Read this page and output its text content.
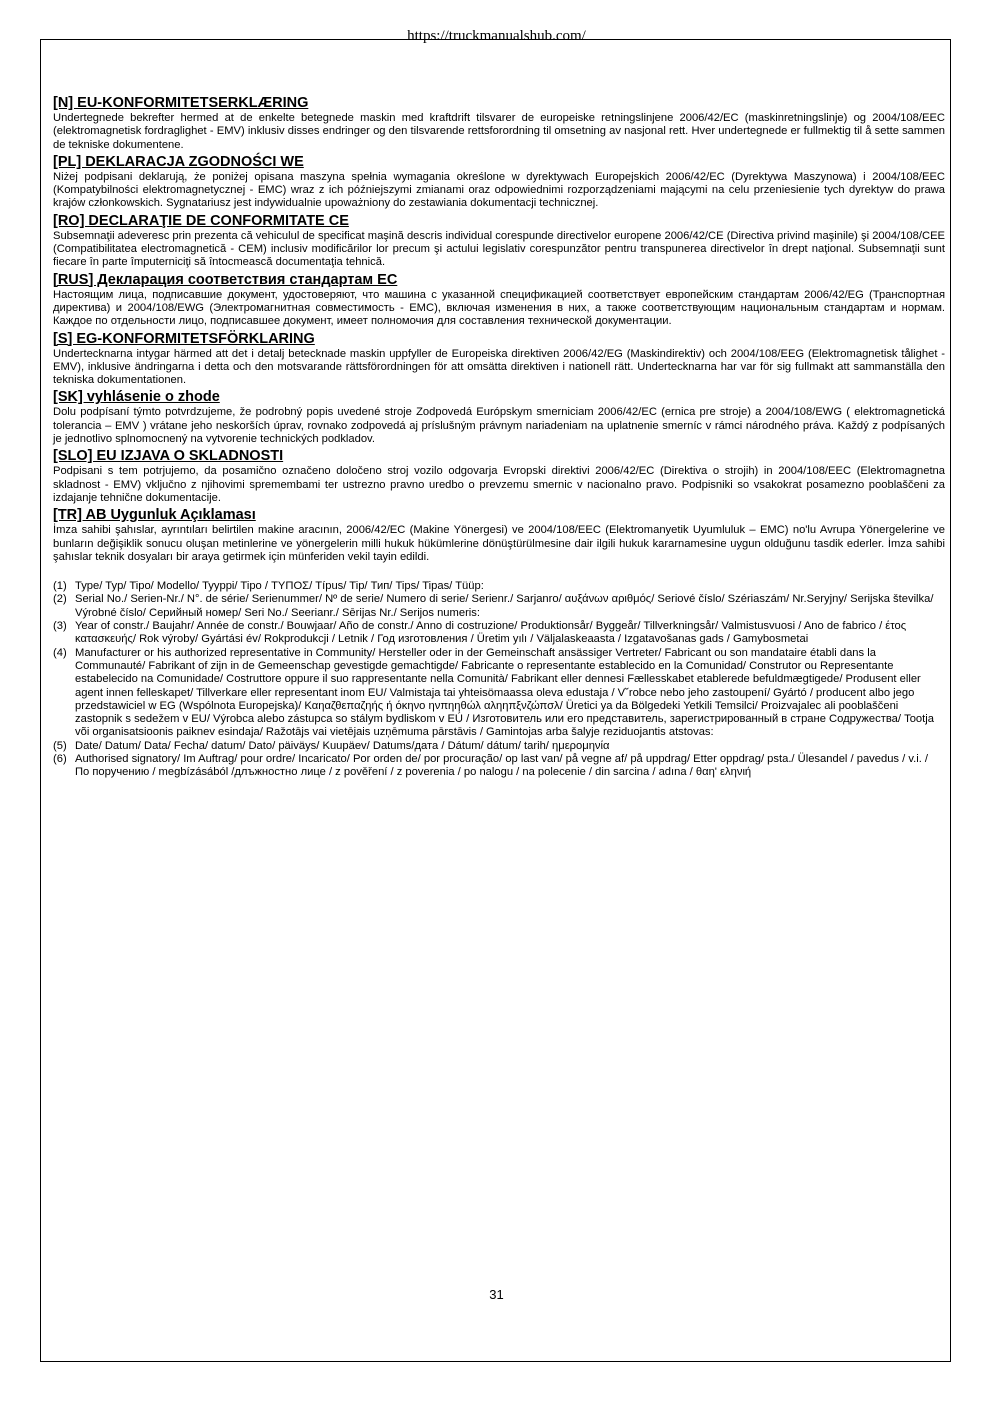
https://truckmanualshub.com/
[N] EU-KONFORMITETSERKLÆRING

Undertegnede bekrefter hermed at de enkelte betegnede maskin med kraftdrift tilsvarer de europeiske retningslinjene 2006/42/EC (maskinretningslinje) og 2004/108/EEC (elektromagnetisk fordraglighet - EMV) inklusiv disses endringer og den tilsvarende rettsforordning til omsetning av nasjonal rett. Hver undertegnede er fullmektig til å sette sammen de tekniske dokumentene.

[PL] DEKLARACJA ZGODNOŚCI WE

Niżej podpisani deklarują, że poniżej opisana maszyna spełnia wymagania określone w dyrektywach Europejskich 2006/42/EC (Dyrektywa Maszynowa) i 2004/108/EEC (Kompatybilności elektromagnetycznej - EMC) wraz z ich późniejszymi zmianami oraz odpowiednimi rozporządzeniami mającymi na celu przeniesienie tych dyrektyw do prawa krajów członkowskich. Sygnatariusz jest indywidualnie upoważniony do zestawiania dokumentacji technicznej.

[RO] DECLARAŢIE DE CONFORMITATE CE

Subsemnaţii adeveresc prin prezenta că vehiculul de specificat maşină descris individual corespunde directivelor europene 2006/42/CE (Directiva privind maşinile) şi 2004/108/CEE (Compatibilitatea electromagnetică - CEM) inclusiv modificărilor lor precum şi actului legislativ corespunzător pentru transpunerea directivelor în drept naţional. Subsemnaţii sunt fiecare în parte împuterniciţi să întocmească documentaţia tehnică.

[RUS] Декларация соответствия стандартам ЕС

Настоящим лица, подписавшие документ, удостоверяют, что машина с указанной спецификацией соответствует европейским стандартам 2006/42/EG (Транспортная директива) и 2004/108/EWG (Электромагнитная совместимость - EMC), включая изменения в них, а также соответствующим национальным стандартам и нормам. Каждое по отдельности лицо, подписавшее документ, имеет полномочия для составления технической документации.

[S] EG-KONFORMITETSFÖRKLARING

Undertecknarna intygar härmed att det i detalj betecknade maskin uppfyller de Europeiska direktiven 2006/42/EG (Maskindirektiv) och 2004/108/EEG (Elektromagnetisk tålighet - EMV), inklusive ändringarna i detta och den motsvarande rättsförordningen för att omsätta direktiven i nationell rätt. Undertecknarna har var för sig fullmakt att sammanställa den tekniska dokumentationen.

[SK] vyhlásenie o zhode

Dolu podpísaní týmto potvrdzujeme, že podrobný popis uvedené stroje Zodpovedá Európskym smerniciam 2006/42/EC (ernica pre stroje) a 2004/108/EWG ( elektromagnetická tolerancia – EMV ) vrátane jeho neskorších úprav, rovnako zodpovedá aj príslušným právnym nariadeniam na uplatnenie smerníc v rámci národného práva. Každý z podpísaných je jednotlivo splnomocnený na vytvorenie technických podkladov.

[SLO] EU IZJAVA O SKLADNOSTI

Podpisani s tem potrjujemo, da posamično označeno določeno stroj vozilo odgovarja Evropski direktivi 2006/42/EC (Direktiva o strojih) in 2004/108/EEC (Elektromagnetna skladnost - EMV) vključno z njihovimi spremembami ter ustrezno pravno uredbo o prevzemu smernic v nacionalno pravo. Podpisniki so vsakokrat posamezno pooblaščeni za izdajanje tehnične dokumentacije.

[TR] AB Uygunluk Açıklaması

İmza sahibi şahıslar, ayrıntıları belirtilen makine aracının, 2006/42/EC (Makine Yönergesi) ve 2004/108/EEC (Elektromanyetik Uyumluluk – EMC) no'lu Avrupa Yönergelerine ve bunların değişiklik sonucu oluşan metinlerine ve yönergelerin milli hukuk hükümlerine dönüştürülmesine dair ilgili hukuk kararnamesine uygun olduğunu tasdik ederler. İmza sahibi şahıslar teknik dosyaları bir araya getirmek için münferiden vekil tayin edildi.

(1) Type/ Typ/ Tipo/ Modello/ Tyyppi/ Tipo / ΤΥΠΟΣ/ Típus/ Tip/ Тип/ Tips/ Tipas/ Tüüp:
(2) Serial No./ Serien-Nr./ N°. de série/ Serienummer/ Nº de serie/ Numero di serie/ Serienr./ Sarjanro/ αυξάνων αριθμός/ Seriové číslo/ Szériaszám/ Nr.Seryjny/ Serijska številka/ Výrobné číslo/ Серийный номер/ Seri No./ Seerianr./ Sērijas Nr./ Serijos numeris:
(3) Year of constr./ Baujahr/ Année de constr./ Bouwjaar/ Año de constr./ Anno di costruzione/ Produktionsår/ Byggeår/ Tillverkningsår/ Valmistusvuosi / Ano de fabrico / έτος κατασκευής/ Rok výroby/ Gyártási év/ Rokprodukcji / Letnik / Год изготовления / Üretim yılı / Väljalaskeaasta / Izgatavošanas gads / Gamybosmetai
(4) Manufacturer or his authorized representative in Community/ Hersteller oder in der Gemeinschaft ansässiger Vertreter/ Fabricant ou son mandataire établi dans la Communauté/ Fabrikant of zijn in de Gemeenschap gevestigde gemachtigde/ Fabricante o representante establecido en la Comunidad/ Construtor ou Representante estabelecido na Comunidade/ Costruttore oppure il suo rappresentante nella Comunità/ Fabrikant eller dennesi Fællesskabet etablerede befuldmægtigede/ Produsent eller agent innen felleskapet/ Tillverkare eller representant inom EU/ Valmistaja tai yhteisömaassa oleva edustaja / V˘robce nebo jeho zastoupení/ Gyártó / producent albo jego przedstawiciel w EG (Wspólnota Europejska)/ Καηαζθεπαζηής ή όκηνο ηνπηηθώλ αληηπξνζώπσλ/ Üretici ya da Bölgedeki Yetkili Temsilci/ Proizvajalec ali pooblaščeni zastopnik s sedežem v EU/ Výrobca alebo zástupca so stálym bydliskom v EÚ / Изготовитель или его представитель, зарегистрированный в стране Содружества/ Tootja või organisatsioonis paiknev esindaja/ Ražotājs vai vietējais uzņēmuma pārstāvis / Gamintojas arba šalyje reziduojantis atstovas:
(5) Date/ Datum/ Data/ Fecha/ datum/ Dato/ päiväys/ Kuupäev/ Datums/дата / Dátum/ dátum/ tarih/ ημερομηνία
(6) Authorised signatory/ Im Auftrag/ pour ordre/ Incaricato/ Por orden de/ por procuração/ op last van/ på vegne af/ på uppdrag/ Etter oppdrag/ psta./ Ülesandel / pavedus / v.i. / По поручению / megbízásából /длъжностно лице / z pověření / z poverenia / po nalogu / na polecenie / din sarcina / adına / θαη' εληνιή
31
